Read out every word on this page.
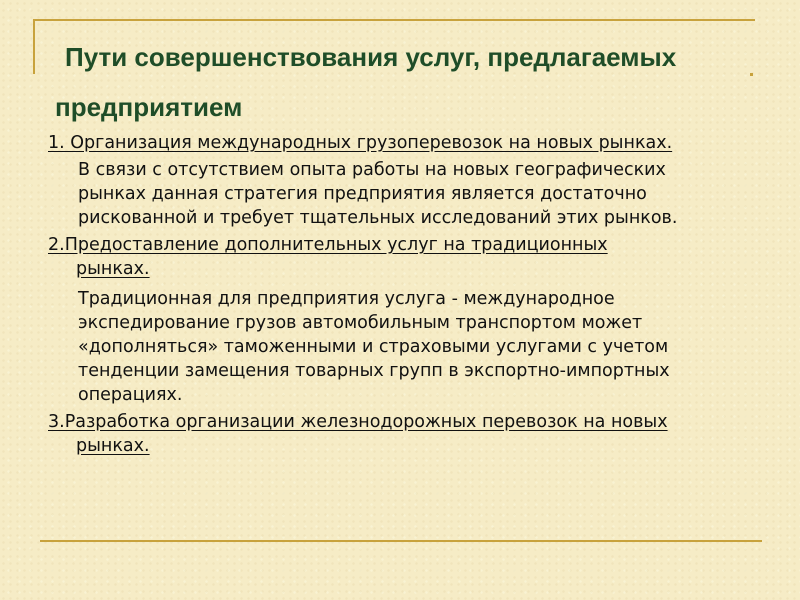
Пути совершенствования услуг, предлагаемых
предприятием
1. Организация международных грузоперевозок на новых рынках.
В связи с отсутствием опыта работы на новых географических
рынках данная стратегия предприятия является достаточно
рискованной и требует тщательных исследований этих рынков.
2.Предоставление дополнительных услуг на традиционных
рынках.
Традиционная для предприятия услуга - международное
экспедирование грузов автомобильным транспортом может
«дополняться» таможенными и страховыми услугами с учетом
тенденции замещения товарных групп в экспортно-импортных
операциях.
3.Разработка организации железнодорожных перевозок на новых
рынках.
